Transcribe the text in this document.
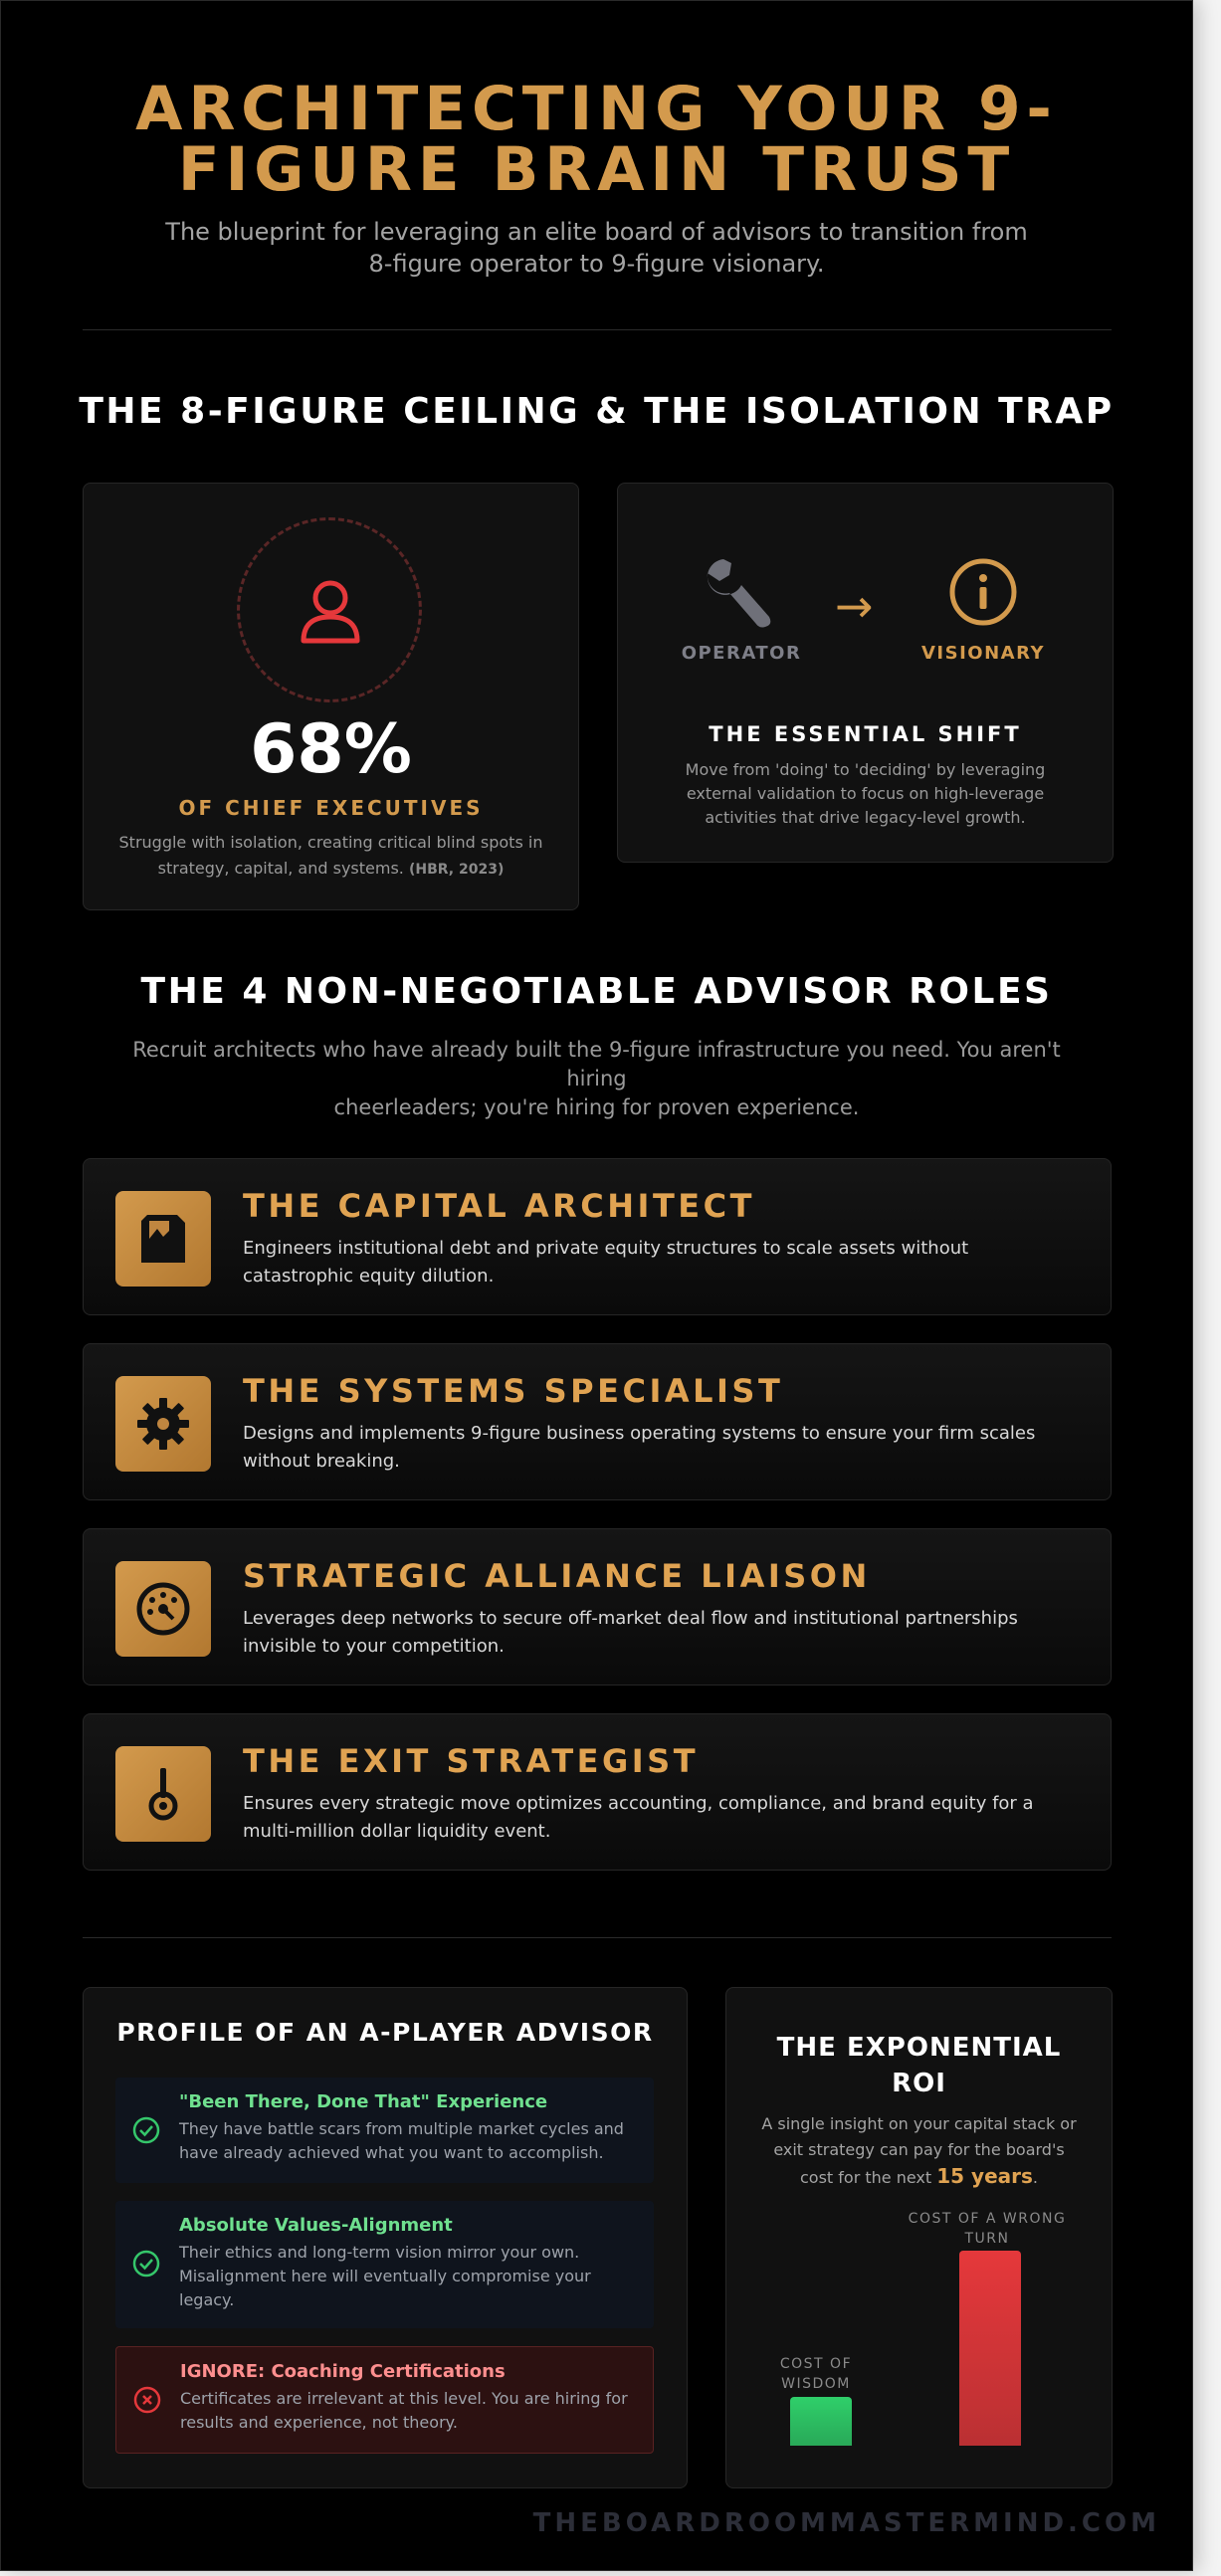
ARCHITECTING YOUR 9-
FIGURE BRAIN TRUST
The blueprint for leveraging an elite board of advisors to transition from
8-figure operator to 9-figure visionary.
THE 8-FIGURE CEILING & THE ISOLATION TRAP
68%
OF CHIEF EXECUTIVES
Struggle with isolation, creating critical blind spots in
strategy, capital, and systems. (HBR, 2023)
OPERATOR
→
VISIONARY
THE ESSENTIAL SHIFT
Move from 'doing' to 'deciding' by leveraging
external validation to focus on high-leverage
activities that drive legacy-level growth.
THE 4 NON-NEGOTIABLE ADVISOR ROLES
Recruit architects who have already built the 9-figure infrastructure you need. You aren't hiring
cheerleaders; you're hiring for proven experience.
THE CAPITAL ARCHITECT
Engineers institutional debt and private equity structures to scale assets without
catastrophic equity dilution.
THE SYSTEMS SPECIALIST
Designs and implements 9-figure business operating systems to ensure your firm scales
without breaking.
STRATEGIC ALLIANCE LIAISON
Leverages deep networks to secure off-market deal flow and institutional partnerships
invisible to your competition.
THE EXIT STRATEGIST
Ensures every strategic move optimizes accounting, compliance, and brand equity for a
multi-million dollar liquidity event.
PROFILE OF AN A-PLAYER ADVISOR
"Been There, Done That" Experience
They have battle scars from multiple market cycles and
have already achieved what you want to accomplish.
Absolute Values-Alignment
Their ethics and long-term vision mirror your own.
Misalignment here will eventually compromise your
legacy.
IGNORE: Coaching Certifications
Certificates are irrelevant at this level. You are hiring for
results and experience, not theory.
THE EXPONENTIAL
ROI
A single insight on your capital stack or
exit strategy can pay for the board's
cost for the next 15 years.
COST OF
WISDOM
COST OF A WRONG
TURN
THEBOARDROOMMASTERMIND.COM
